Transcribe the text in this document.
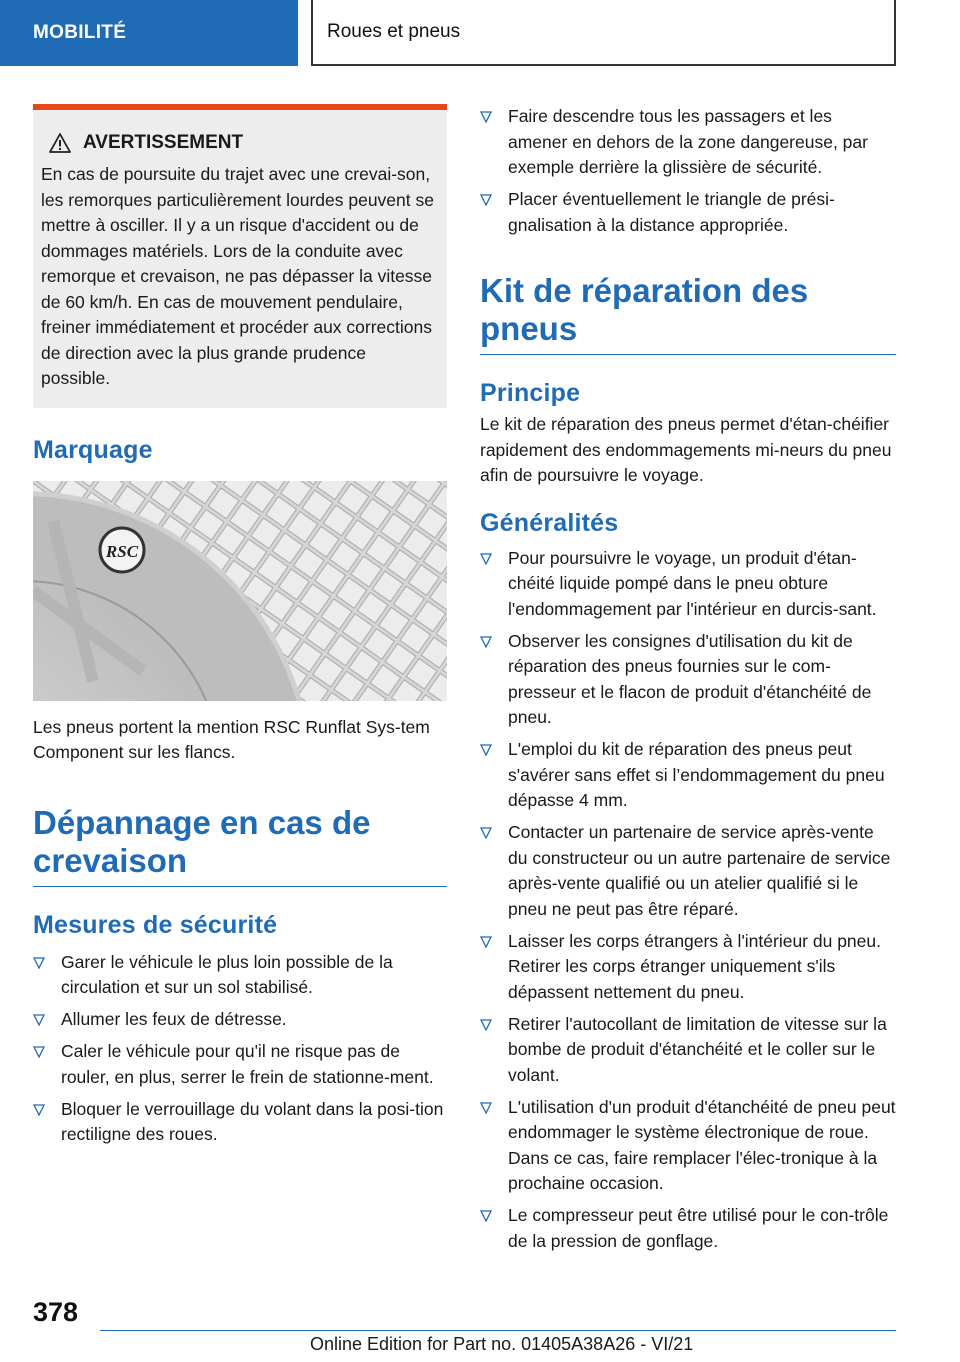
MOBILITÉ	Roues et pneus
AVERTISSEMENT
En cas de poursuite du trajet avec une crevai‐son, les remorques particulièrement lourdes peuvent se mettre à osciller. Il y a un risque d'accident ou de dommages matériels. Lors de la conduite avec remorque et crevaison, ne pas dépasser la vitesse de 60 km/h. En cas de mouvement pendulaire, freiner immédiatement et procéder aux corrections de direction avec la plus grande prudence possible.
Marquage
RSC

Les pneus portent la mention RSC Runflat Sys‐tem Component sur les flancs.

Dépannage en cas de crevaison
Mesures de sécurité
Garer le véhicule le plus loin possible de la circulation et sur un sol stabilisé.
Allumer les feux de détresse.
Caler le véhicule pour qu'il ne risque pas de rouler, en plus, serrer le frein de stationne‐ment.
Bloquer le verrouillage du volant dans la posi‐tion rectiligne des roues.
Faire descendre tous les passagers et les amener en dehors de la zone dangereuse, par exemple derrière la glissière de sécurité.
Placer éventuellement le triangle de prési‐gnalisation à la distance appropriée.
Kit de réparation des pneus
Principe

Le kit de réparation des pneus permet d'étan‐chéifier rapidement des endommagements mi‐neurs du pneu afin de poursuivre le voyage.

Généralités
Pour poursuivre le voyage, un produit d'étan‐chéité liquide pompé dans le pneu obture l'endommagement par l'intérieur en durcis‐sant.
Observer les consignes d'utilisation du kit de réparation des pneus fournies sur le com‐presseur et le flacon de produit d'étanchéité de pneu.
L'emploi du kit de réparation des pneus peut s'avérer sans effet si l’endommagement du pneu dépasse 4 mm.
Contacter un partenaire de service après-vente du constructeur ou un autre partenaire de service après-vente qualifié ou un atelier qualifié si le pneu ne peut pas être réparé.
Laisser les corps étrangers à l'intérieur du pneu. Retirer les corps étranger uniquement s'ils dépassent nettement du pneu.
Retirer l'autocollant de limitation de vitesse sur la bombe de produit d'étanchéité et le coller sur le volant.
L'utilisation d'un produit d'étanchéité de pneu peut endommager le système électronique de roue. Dans ce cas, faire remplacer l'élec‐tronique à la prochaine occasion.
Le compresseur peut être utilisé pour le con‐trôle de la pression de gonflage.
378
Online Edition for Part no. 01405A38A26 - VI/21
